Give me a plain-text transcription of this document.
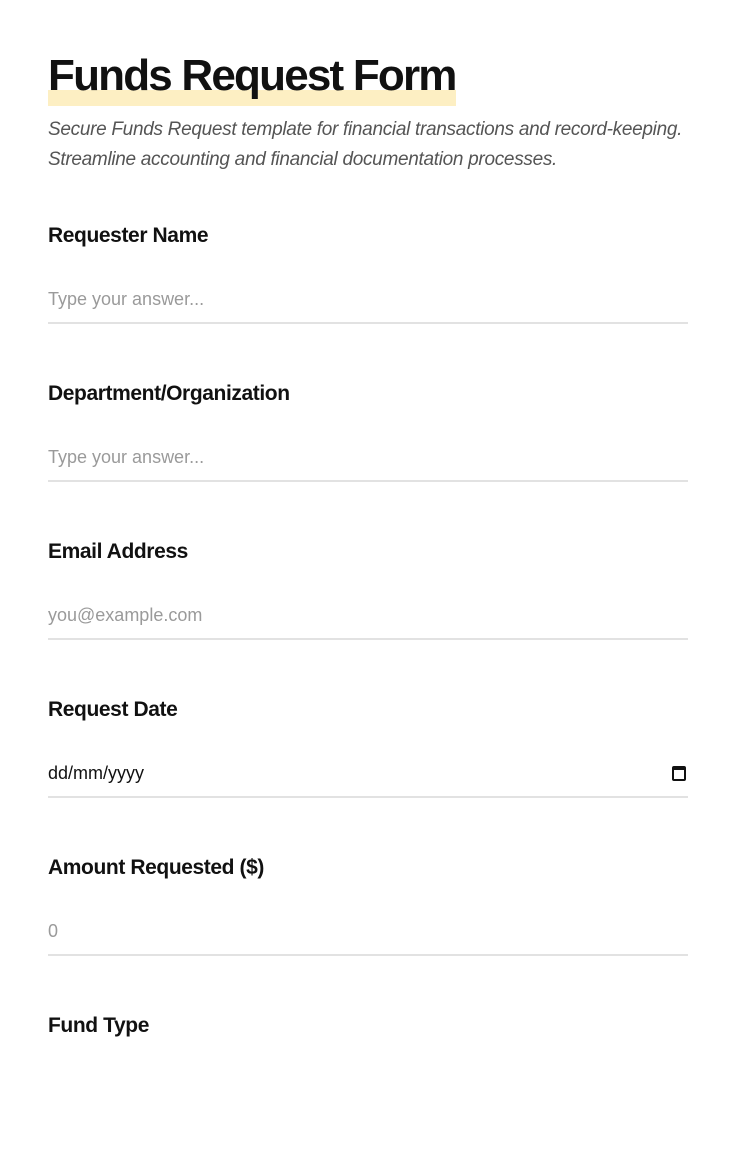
Funds Request Form

Secure Funds Request template for financial transactions and record-keeping. Streamline accounting and financial documentation processes.

Requester Name
Type your answer...
Department/Organization
Type your answer...
Email Address
you@example.com
Request Date
dd/mm/yyyy
Amount Requested ($)
0
Fund Type
